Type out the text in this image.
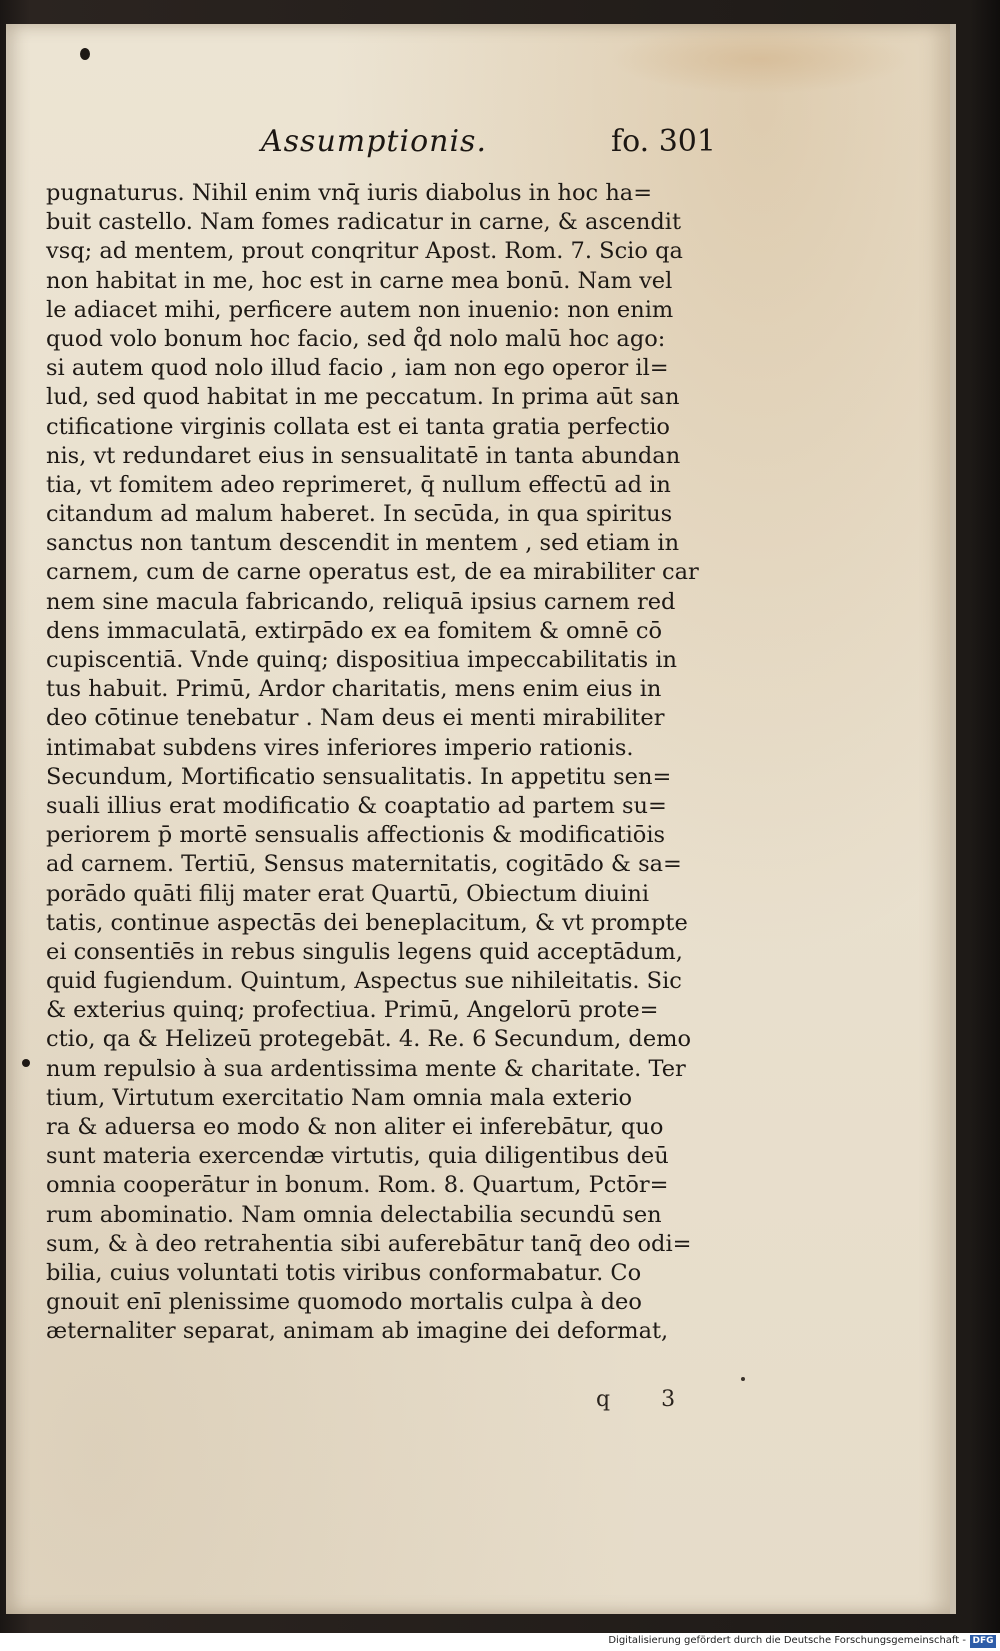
Assumptionis.	fo. 301
pugnaturus. Nihil enim vnq̄ iuris diabolus in hoc ha=
buit castello. Nam fomes radicatur in carne, & ascendit
vsq; ad mentem, prout conqritur Apost. Rom. 7. Scio qa
non habitat in me, hoc est in carne mea bonū. Nam vel
le adiacet mihi, perficere autem non inuenio: non enim
quod volo bonum hoc facio, sed q̊d nolo malū hoc ago:
si autem quod nolo illud facio , iam non ego operor il=
lud, sed quod habitat in me peccatum. In prima aūt san
ctificatione virginis collata est ei tanta gratia perfectio
nis, vt redundaret eius in sensualitatē in tanta abundan
tia, vt fomitem adeo reprimeret, q̄ nullum effectū ad in
citandum ad malum haberet. In secūda, in qua spiritus
sanctus non tantum descendit in mentem , sed etiam in
carnem, cum de carne operatus est, de ea mirabiliter car
nem sine macula fabricando, reliquā ipsius carnem red
dens immaculatā, extirpādo ex ea fomitem & omnē cō
cupiscentiā. Vnde quinq; dispositiua impeccabilitatis in
tus habuit. Primū, Ardor charitatis, mens enim eius in
deo cōtinue tenebatur . Nam deus ei menti mirabiliter
intimabat subdens vires inferiores imperio rationis.
Secundum, Mortificatio sensualitatis. In appetitu sen=
suali illius erat modificatio & coaptatio ad partem su=
periorem p̄ mortē sensualis affectionis & modificatiōis
ad carnem. Tertiū, Sensus maternitatis, cogitādo & sa=
porādo quāti filij mater erat Quartū, Obiectum diuini
tatis, continue aspectās dei beneplacitum, & vt prompte
ei consentiēs in rebus singulis legens quid acceptādum,
quid fugiendum. Quintum, Aspectus sue nihileitatis. Sic
& exterius quinq; profectiua. Primū, Angelorū prote=
ctio, qa & Helizeū protegebāt. 4. Re. 6 Secundum, demo
num repulsio à sua ardentissima mente & charitate. Ter
tium, Virtutum exercitatio Nam omnia mala exterio
ra & aduersa eo modo & non aliter ei inferebātur, quo
sunt materia exercendæ virtutis, quia diligentibus deū
omnia cooperātur in bonum. Rom. 8. Quartum, Pctōr=
rum abominatio. Nam omnia delectabilia secundū sen
sum, & à deo retrahentia sibi auferebātur tanq̄ deo odi=
bilia, cuius voluntati totis viribus conformabatur. Co
gnouit enī plenissime quomodo mortalis culpa à deo
æternaliter separat, animam ab imagine dei deformat,
q 3
Digitalisierung gefördert durch die Deutsche Forschungsgemeinschaft - DFG
